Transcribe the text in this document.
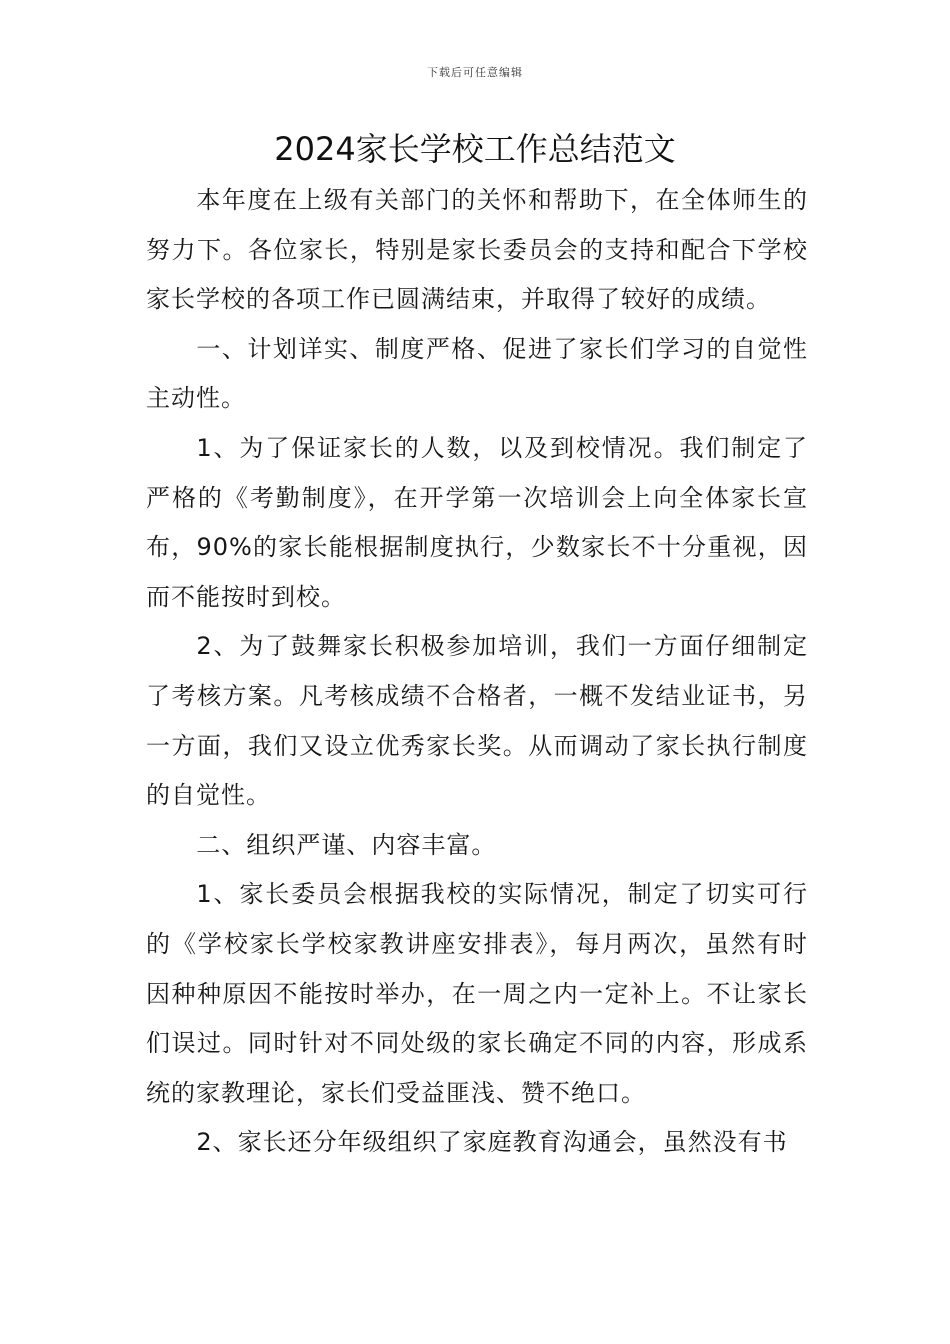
下载后可任意编辑
2024家长学校工作总结范文

本年度在上级有关部门的关怀和帮助下，在全体师生的努力下。各位家长，特别是家长委员会的支持和配合下学校家长学校的各项工作已圆满结束，并取得了较好的成绩。

一、计划详实、制度严格、促进了家长们学习的自觉性主动性。

1、为了保证家长的人数，以及到校情况。我们制定了严格的《考勤制度》，在开学第一次培训会上向全体家长宣布，90%的家长能根据制度执行，少数家长不十分重视，因而不能按时到校。

2、为了鼓舞家长积极参加培训，我们一方面仔细制定了考核方案。凡考核成绩不合格者，一概不发结业证书，另一方面，我们又设立优秀家长奖。从而调动了家长执行制度的自觉性。

二、组织严谨、内容丰富。

1、家长委员会根据我校的实际情况，制定了切实可行的《学校家长学校家教讲座安排表》，每月两次，虽然有时因种种原因不能按时举办，在一周之内一定补上。不让家长们误过。同时针对不同处级的家长确定不同的内容，形成系统的家教理论，家长们受益匪浅、赞不绝口。

2、家长还分年级组织了家庭教育沟通会，虽然没有书
